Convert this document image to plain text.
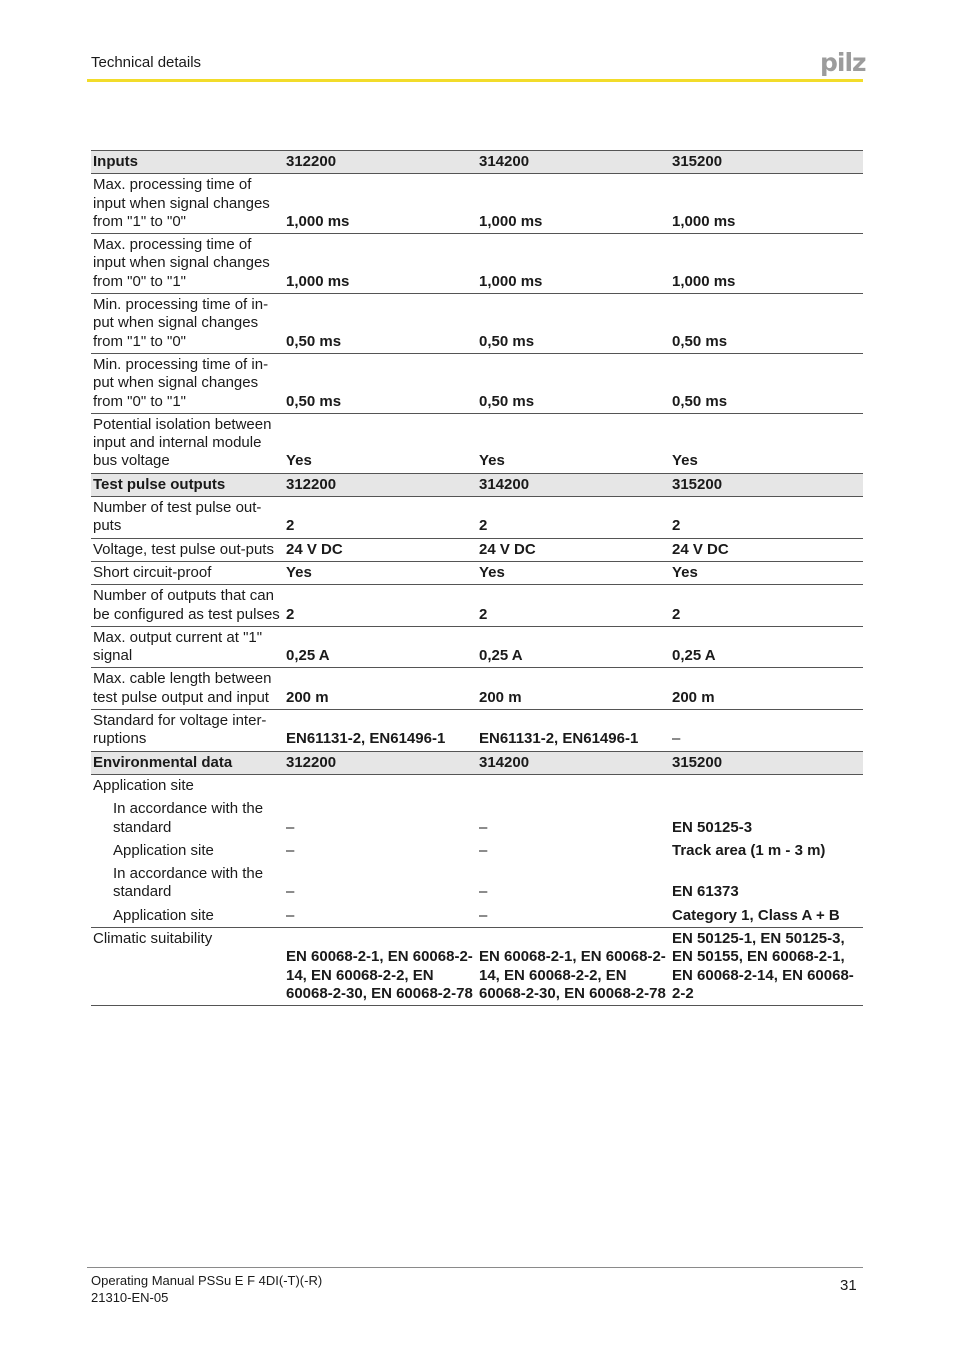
Technical details	pilz
Inputs	312200	314200	315200
Max. processing time of input when signal changes from "1" to "0"	1,000 ms	1,000 ms	1,000 ms
Max. processing time of input when signal changes from "0" to "1"	1,000 ms	1,000 ms	1,000 ms
Min. processing time of in-put when signal changes from "1" to "0"	0,50 ms	0,50 ms	0,50 ms
Min. processing time of in-put when signal changes from "0" to "1"	0,50 ms	0,50 ms	0,50 ms
Potential isolation between input and internal module bus voltage	Yes	Yes	Yes
Test pulse outputs	312200	314200	315200
Number of test pulse out-puts	2	2	2
Voltage, test pulse out-puts	24 V DC	24 V DC	24 V DC
Short circuit-proof	Yes	Yes	Yes
Number of outputs that can be configured as test pulses	2	2	2
Max. output current at "1" signal	0,25 A	0,25 A	0,25 A
Max. cable length between test pulse output and input	200 m	200 m	200 m
Standard for voltage inter-ruptions	EN61131-2, EN61496-1	EN61131-2, EN61496-1	–
Environmental data	312200	314200	315200
Application site			
In accordance with the standard	–	–	EN 50125-3
Application site	–	–	Track area (1 m - 3 m)
In accordance with the standard	–	–	EN 61373
Application site	–	–	Category 1, Class A + B
Climatic suitability	EN 60068-2-1, EN 60068-2-14, EN 60068-2-2, EN 60068-2-30, EN 60068-2-78	EN 60068-2-1, EN 60068-2-14, EN 60068-2-2, EN 60068-2-30, EN 60068-2-78	EN 50125-1, EN 50125-3, EN 50155, EN 60068-2-1, EN 60068-2-14, EN 60068-2-2
Operating Manual PSSu E F 4DI(-T)(-R)
21310-EN-05
31
